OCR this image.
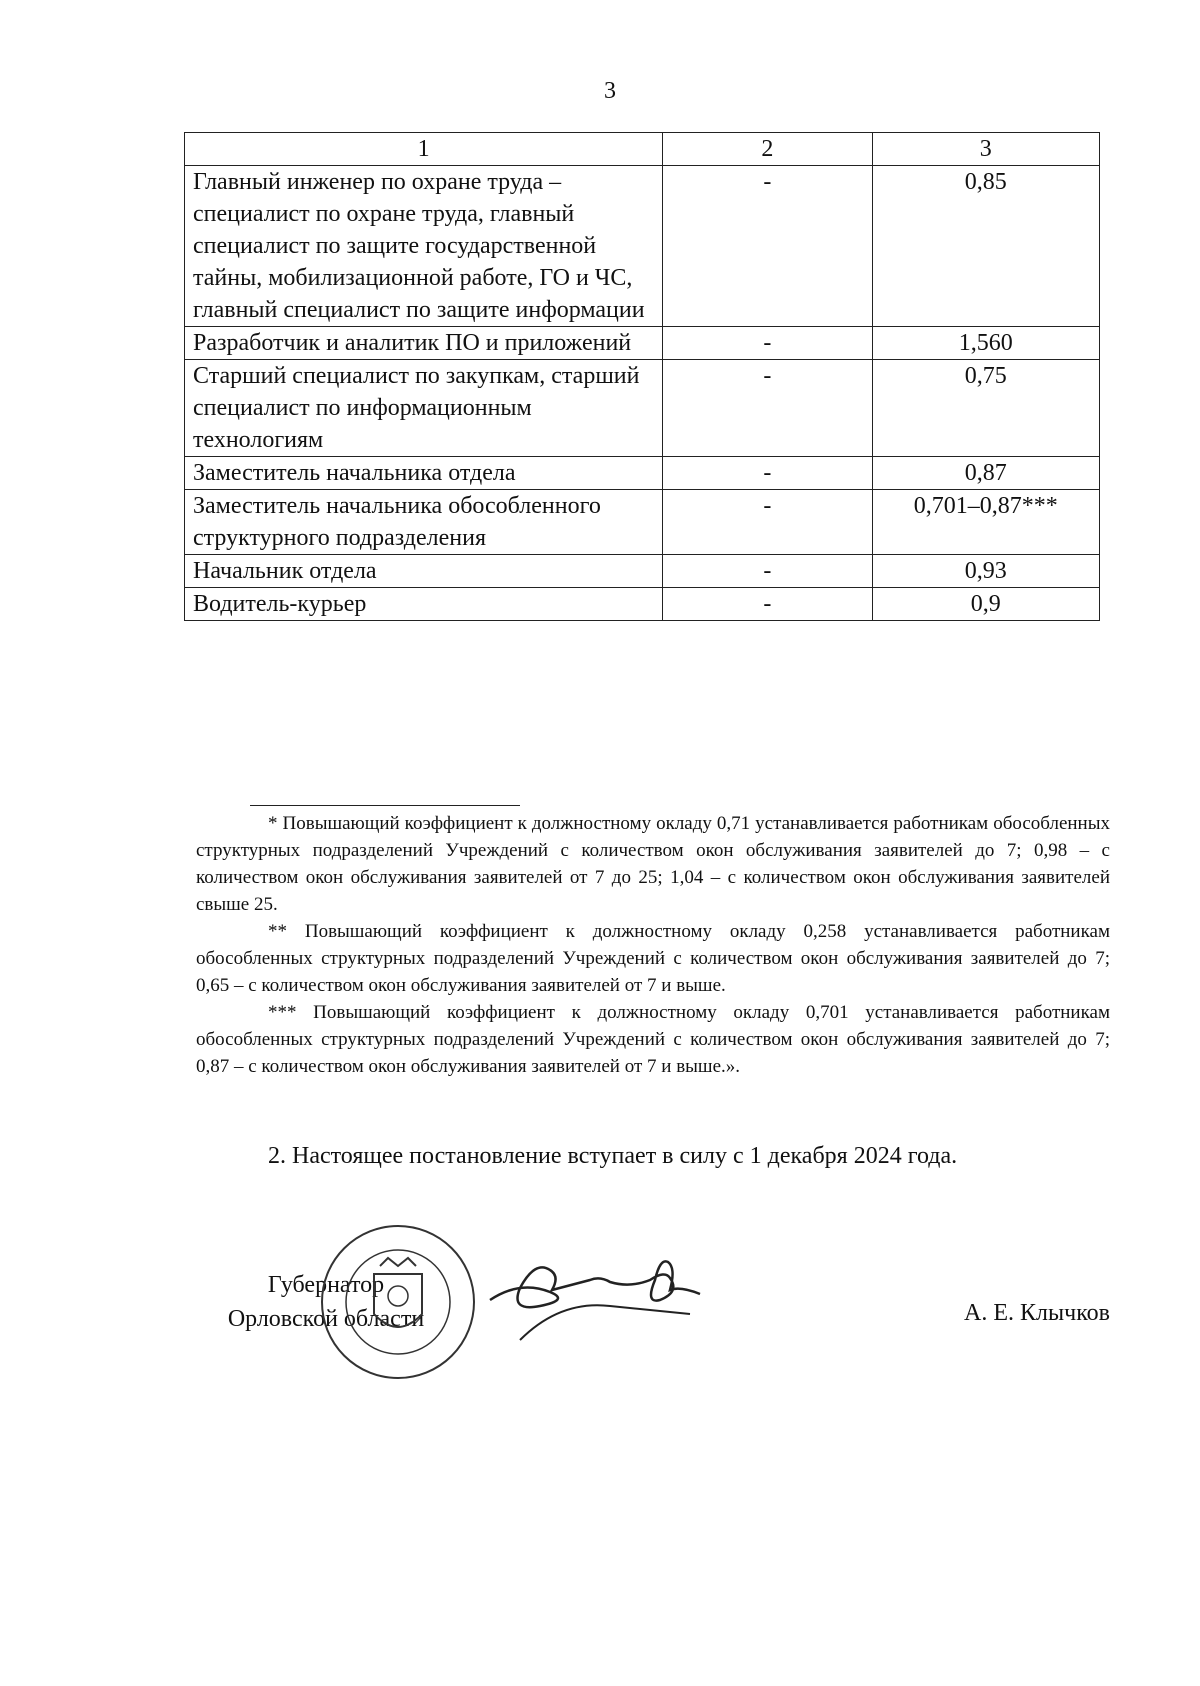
3
1	2	3
Главный инженер по охране труда – специалист по охране труда, главный специалист по защите государственной тайны, мобилизационной работе, ГО и ЧС, главный специалист по защите информации	-	0,85
Разработчик и аналитик ПО и приложений	-	1,560
Старший специалист по закупкам, старший специалист по информационным технологиям	-	0,75
Заместитель начальника отдела	-	0,87
Заместитель начальника обособленного структурного подразделения	-	0,701–0,87***
Начальник отдела	-	0,93
Водитель-курьер	-	0,9

* Повышающий коэффициент к должностному окладу 0,71 устанавливается работникам обособленных структурных подразделений Учреждений с количеством окон обслуживания заявителей до 7; 0,98 – с количеством окон обслуживания заявителей от 7 до 25; 1,04 – с количеством окон обслуживания заявителей свыше 25.

** Повышающий коэффициент к должностному окладу 0,258 устанавливается работникам обособленных структурных подразделений Учреждений с количеством окон обслуживания заявителей до 7; 0,65 – с количеством окон обслуживания заявителей от 7 и выше.

*** Повышающий коэффициент к должностному окладу 0,701 устанавливается работникам обособленных структурных подразделений Учреждений с количеством окон обслуживания заявителей до 7; 0,87 – с количеством окон обслуживания заявителей от 7 и выше.».

2. Настоящее постановление вступает в силу с 1 декабря 2024 года.
Губернатор
Орловской области	А. Е. Клычков
